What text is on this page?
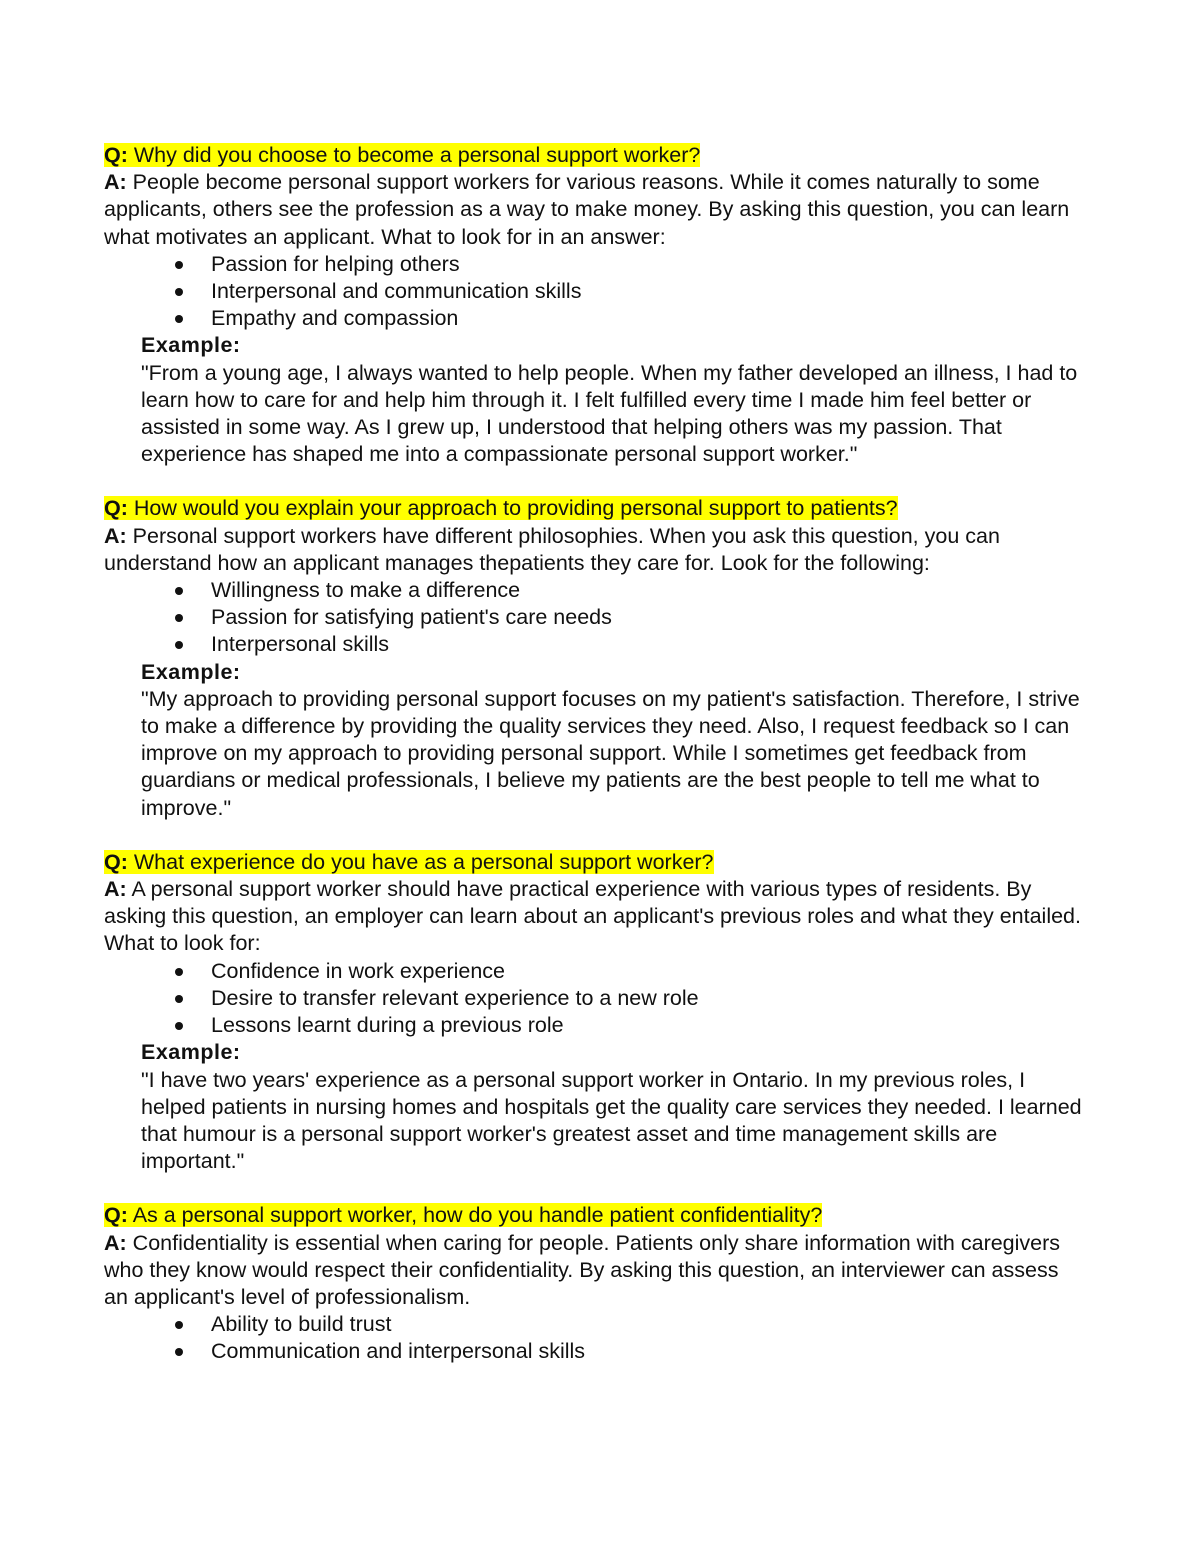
Q: Why did you choose to become a personal support worker?
A: People become personal support workers for various reasons. While it comes naturally to some applicants, others see the profession as a way to make money. By asking this question, you can learn what motivates an applicant. What to look for in an answer:
Passion for helping others
Interpersonal and communication skills
Empathy and compassion
Example:
"From a young age, I always wanted to help people. When my father developed an illness, I had to learn how to care for and help him through it. I felt fulfilled every time I made him feel better or assisted in some way. As I grew up, I understood that helping others was my passion. That experience has shaped me into a compassionate personal support worker."
Q: How would you explain your approach to providing personal support to patients?
A: Personal support workers have different philosophies. When you ask this question, you can understand how an applicant manages thepatients they care for. Look for the following:
Willingness to make a difference
Passion for satisfying patient's care needs
Interpersonal skills
Example:
"My approach to providing personal support focuses on my patient's satisfaction. Therefore, I strive to make a difference by providing the quality services they need. Also, I request feedback so I can improve on my approach to providing personal support. While I sometimes get feedback from guardians or medical professionals, I believe my patients are the best people to tell me what to improve."
Q: What experience do you have as a personal support worker?
A: A personal support worker should have practical experience with various types of residents. By asking this question, an employer can learn about an applicant's previous roles and what they entailed. What to look for:
Confidence in work experience
Desire to transfer relevant experience to a new role
Lessons learnt during a previous role
Example:
"I have two years' experience as a personal support worker in Ontario. In my previous roles, I helped patients in nursing homes and hospitals get the quality care services they needed. I learned that humour is a personal support worker's greatest asset and time management skills are important."
Q: As a personal support worker, how do you handle patient confidentiality?
A: Confidentiality is essential when caring for people. Patients only share information with caregivers who they know would respect their confidentiality. By asking this question, an interviewer can assess an applicant's level of professionalism.
Ability to build trust
Communication and interpersonal skills
